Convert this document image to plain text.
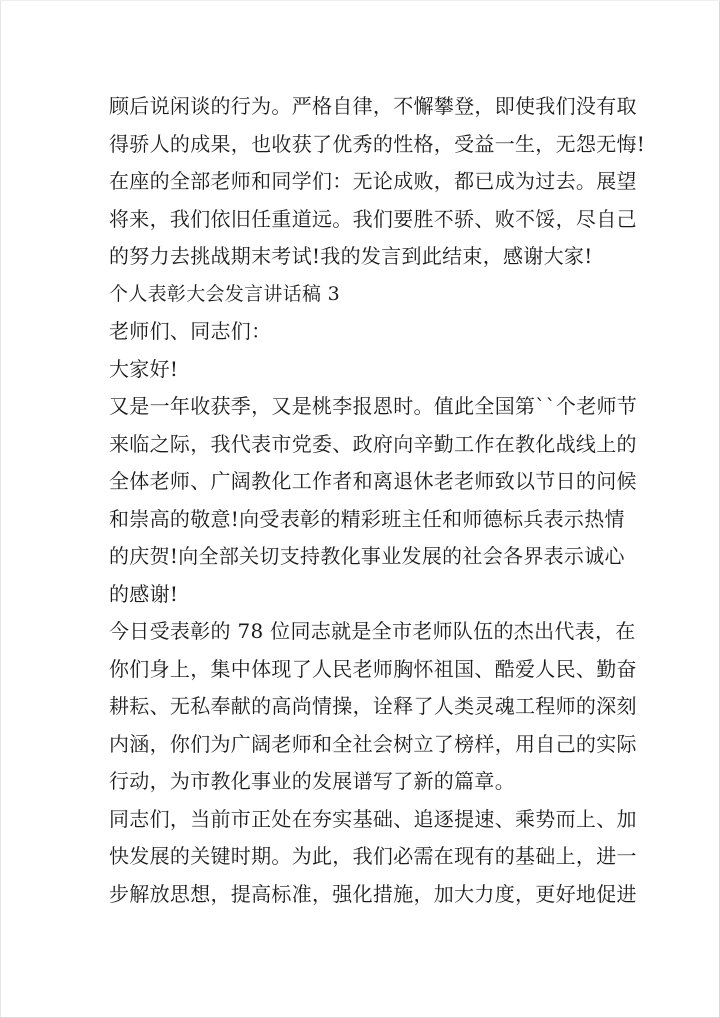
顾后说闲谈的行为。严格自律，不懈攀登，即使我们没有取
得骄人的成果，也收获了优秀的性格，受益一生，无怨无悔!
在座的全部老师和同学们：无论成败，都已成为过去。展望
将来，我们依旧任重道远。我们要胜不骄、败不馁，尽自己
的努力去挑战期末考试!我的发言到此结束，感谢大家!
个人表彰大会发言讲话稿 3
老师们、同志们：
大家好!
又是一年收获季，又是桃李报恩时。值此全国第``个老师节
来临之际，我代表市党委、政府向辛勤工作在教化战线上的
全体老师、广阔教化工作者和离退休老老师致以节日的问候
和崇高的敬意!向受表彰的精彩班主任和师德标兵表示热情
的庆贺!向全部关切支持教化事业发展的社会各界表示诚心
的感谢!
今日受表彰的 78 位同志就是全市老师队伍的杰出代表，在
你们身上，集中体现了人民老师胸怀祖国、酷爱人民、勤奋
耕耘、无私奉献的高尚情操，诠释了人类灵魂工程师的深刻
内涵，你们为广阔老师和全社会树立了榜样，用自己的实际
行动，为市教化事业的发展谱写了新的篇章。
同志们，当前市正处在夯实基础、追逐提速、乘势而上、加
快发展的关键时期。为此，我们必需在现有的基础上，进一
步解放思想，提高标准，强化措施，加大力度，更好地促进
